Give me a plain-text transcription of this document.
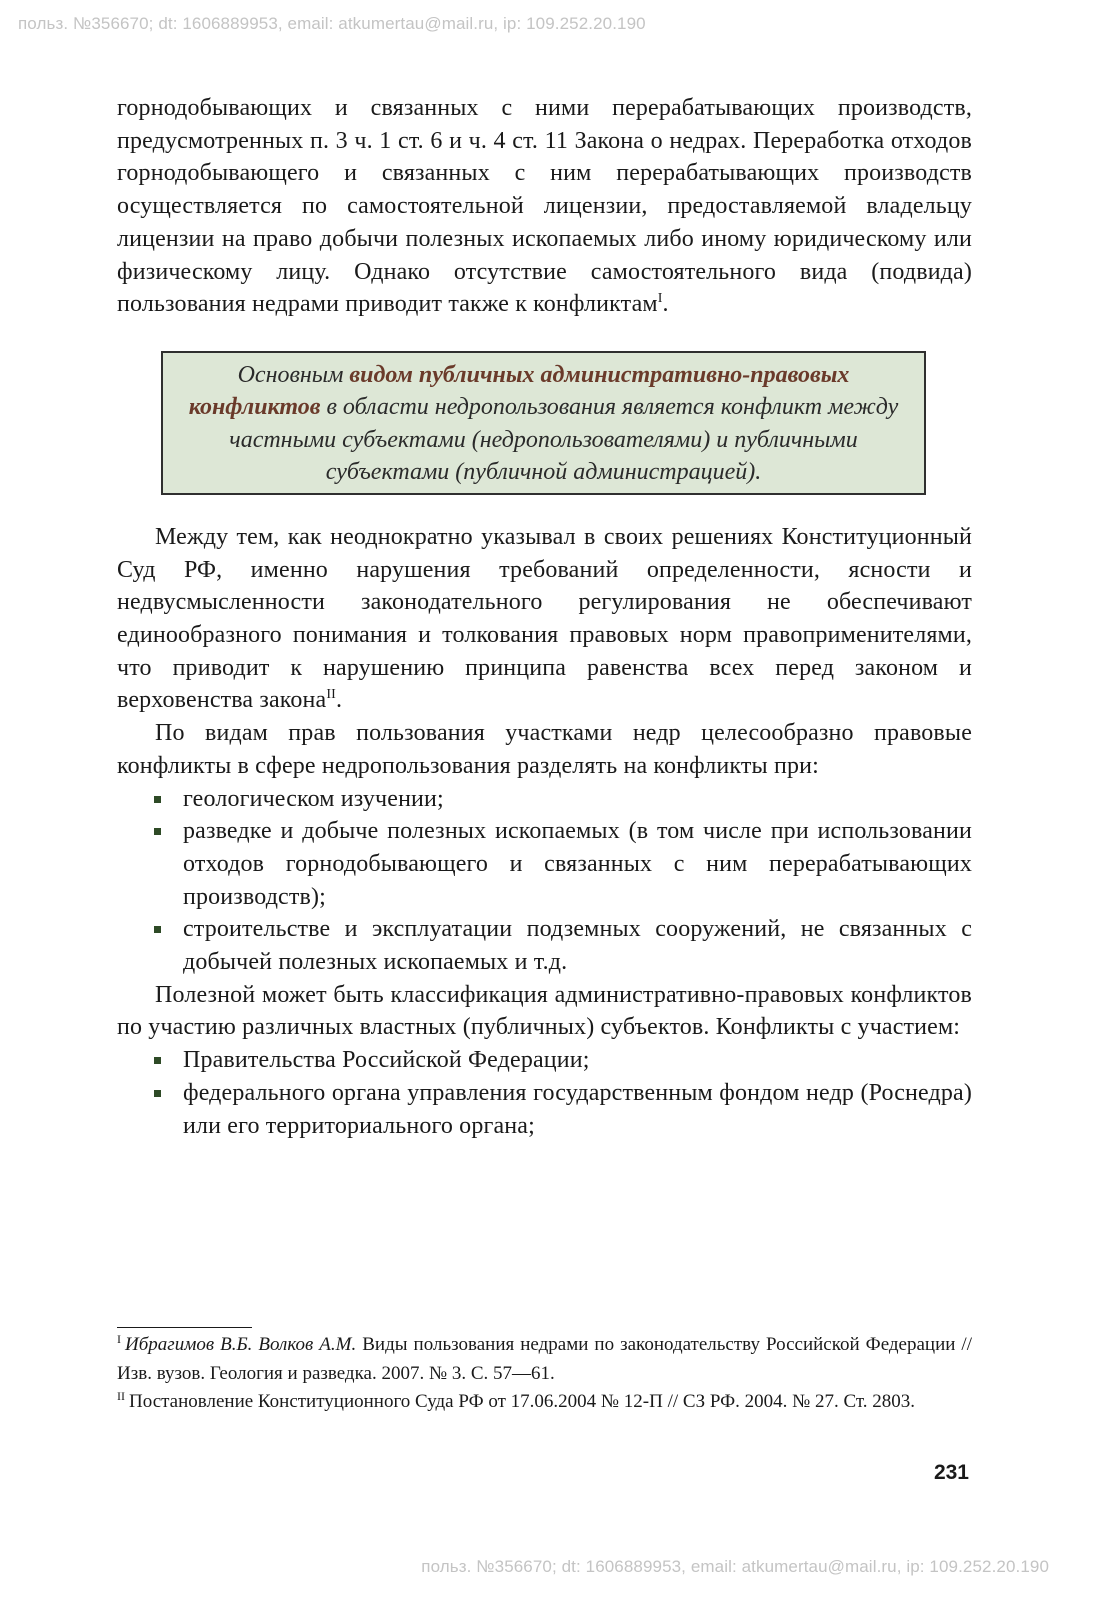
польз. №356670; dt: 1606889953, email: atkumertau@mail.ru, ip: 109.252.20.190

горнодобывающих и связанных с ними перерабатывающих производств, предусмотренных п. 3 ч. 1 ст. 6 и ч. 4 ст. 11 Закона о недрах. Переработка отходов горнодобывающего и связанных с ним перерабатывающих производств осуществляется по самостоятельной лицензии, предоставляемой владельцу лицензии на право добычи полезных ископаемых либо иному юридическому или физическому лицу. Однако отсутствие самостоятельного вида (подвида) пользования недрами приводит также к конфликтам$^I$.

Основным видом публичных административно-правовых конфликтов в области недропользования является конфликт между частными субъектами (недропользователями) и публичными субъектами (публичной администрацией).

Между тем, как неоднократно указывал в своих решениях Конституционный Суд РФ, именно нарушения требований определенности, ясности и недвусмысленности законодательного регулирования не обеспечивают единообразного понимания и толкования правовых норм правоприменителями, что приводит к нарушению принципа равенства всех перед законом и верховенства закона$^{II}$.

По видам прав пользования участками недр целесообразно правовые конфликты в сфере недропользования разделять на конфликты при:

геологическом изучении;
разведке и добыче полезных ископаемых (в том числе при использовании отходов горнодобывающего и связанных с ним перерабатывающих производств);
строительстве и эксплуатации подземных сооружений, не связанных с добычей полезных ископаемых и т.д.

Полезной может быть классификация административно-правовых конфликтов по участию различных властных (публичных) субъектов. Конфликты с участием:

Правительства Российской Федерации;
федерального органа управления государственным фондом недр (Роснедра) или его территориального органа;

$^I$ Ибрагимов В.Б. Волков А.М. Виды пользования недрами по законодательству Российской Федерации // Изв. вузов. Геология и разведка. 2007. № 3. С. 57—61.

$^{II}$ Постановление Конституционного Суда РФ от 17.06.2004 № 12-П // СЗ РФ. 2004. № 27. Ст. 2803.

231
польз. №356670; dt: 1606889953, email: atkumertau@mail.ru, ip: 109.252.20.190
